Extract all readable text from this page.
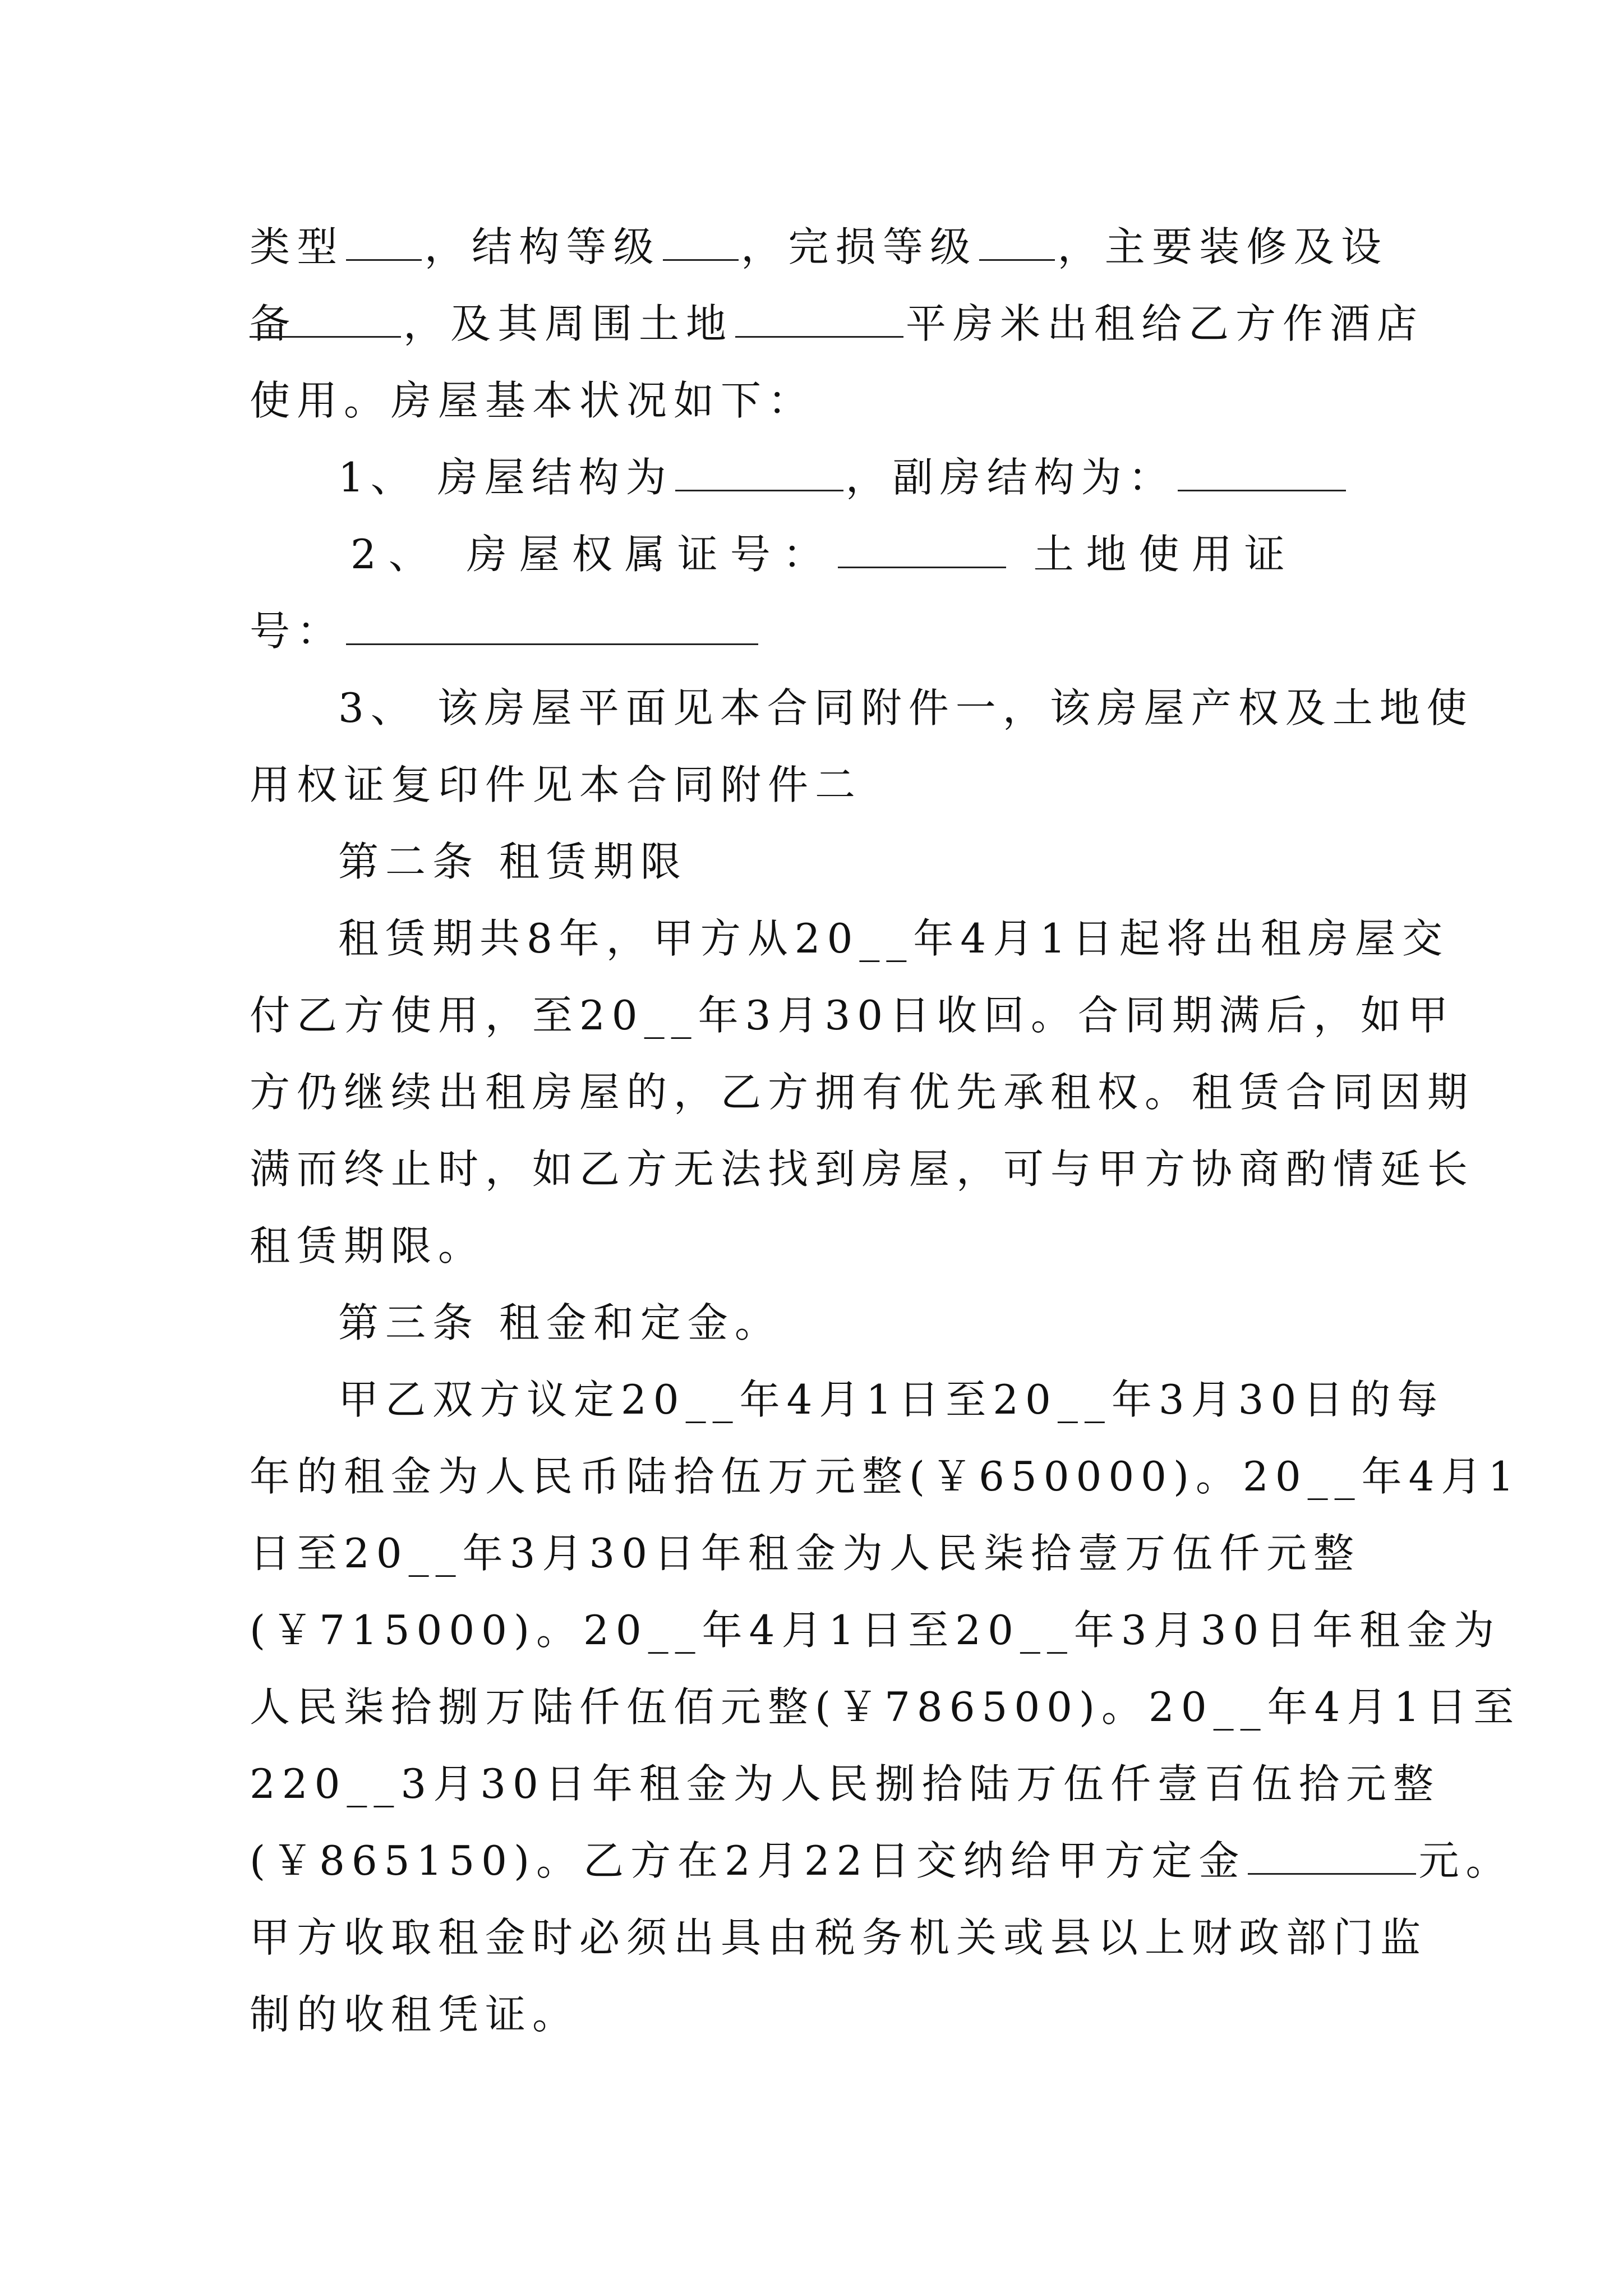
类型 ，结构等级 ，完损等级 ，主要装修及设备	，及其周围土地	平房米出租给乙方作酒店
使用。房屋基本状况如下：
1、 房屋结构为	，副房结构为：
2、 房屋权属证号：	土地使用证
号：
3、 该房屋平面见本合同附件一，该房屋产权及土地使
用权证复印件见本合同附件二
第二条 租赁期限
租赁期共8年，甲方从20__年4月1日起将出租房屋交
付乙方使用，至20__年3月30日收回。合同期满后，如甲
方仍继续出租房屋的，乙方拥有优先承租权。租赁合同因期
满而终止时，如乙方无法找到房屋，可与甲方协商酌情延长
租赁期限。
第三条 租金和定金。
甲乙双方议定20__年4月1日至20__年3月30日的每
年的租金为人民币陆拾伍万元整(￥650000)。20__年4月1
日至20__年3月30日年租金为人民柒拾壹万伍仟元整
(￥715000)。20__年4月1日至20__年3月30日年租金为
人民柒拾捌万陆仟伍佰元整(￥786500)。20__年4月1日至
220__3月30日年租金为人民捌拾陆万伍仟壹百伍拾元整
(￥865150)。乙方在2月22日交纳给甲方定金	元。
甲方收取租金时必须出具由税务机关或县以上财政部门监
制的收租凭证。
